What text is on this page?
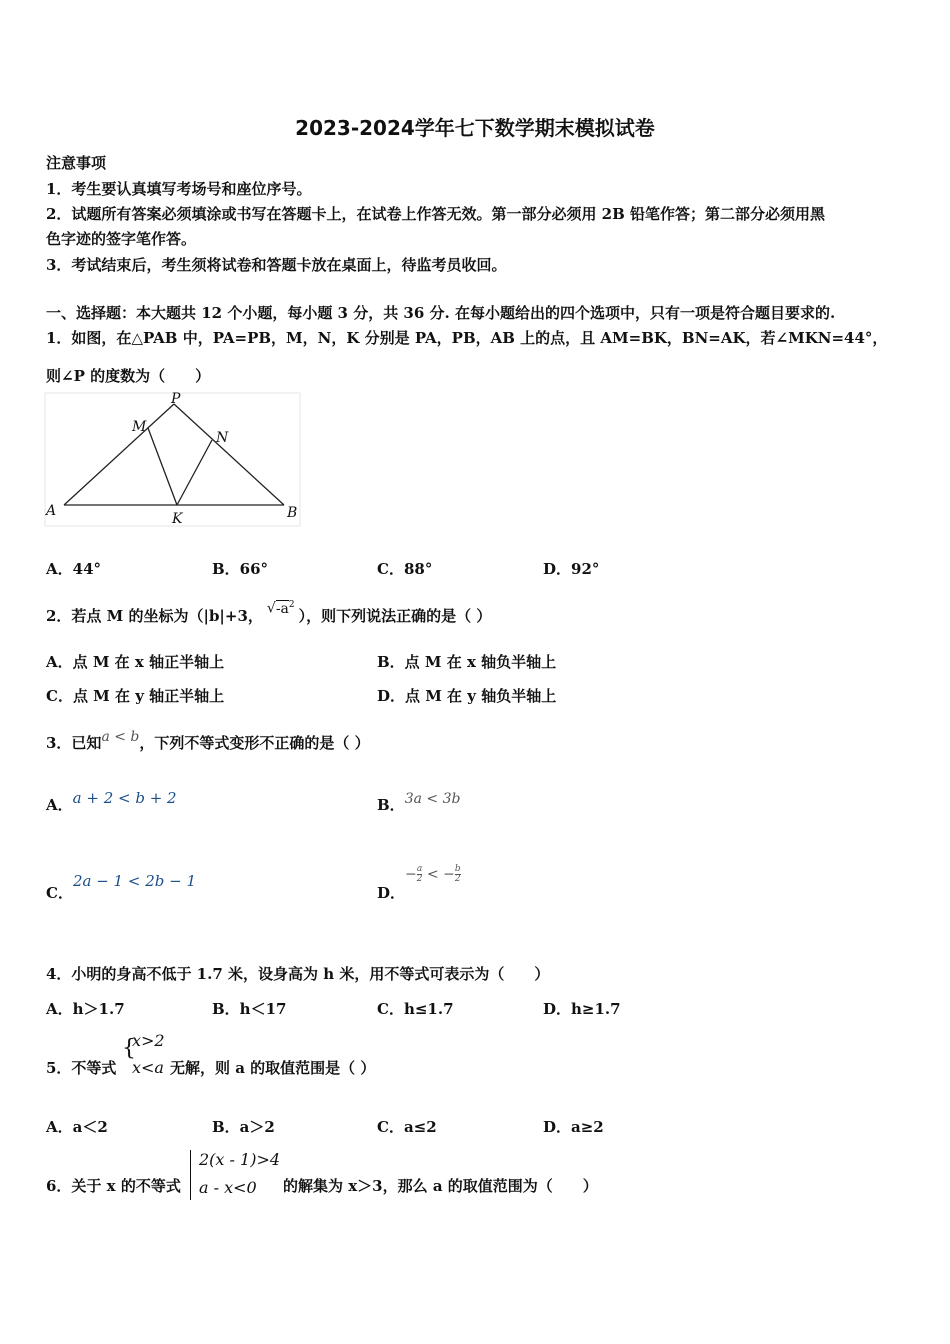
2023-2024学年七下数学期末模拟试卷
注意事项
1．考生要认真填写考场号和座位序号。
2．试题所有答案必须填涂或书写在答题卡上，在试卷上作答无效。第一部分必须用 2B 铅笔作答；第二部分必须用黑
色字迹的签字笔作答。
3．考试结束后，考生须将试卷和答题卡放在桌面上，待监考员收回。
一、选择题：本大题共 12 个小题，每小题 3 分，共 36 分. 在每小题给出的四个选项中，只有一项是符合题目要求的.
1．如图，在△PAB 中，PA=PB，M，N，K 分别是 PA，PB，AB 上的点，且 AM=BK，BN=AK，若∠MKN=44°，
则∠P 的度数为（　　）
P
M
N
A	K	B
A．44°	B．66°	C．88°	D．92°
2．若点 M 的坐标为（|b|+3， $√-a^2$），则下列说法正确的是（ ）
A．点 M 在 x 轴正半轴上	B．点 M 在 x 轴负半轴上
C．点 M 在 y 轴正半轴上	D．点 M 在 y 轴负半轴上
3．已知a < b，下列不等式变形不正确的是（ ）
A．a + 2 < b + 2	B．3a < 3b
C．2a − 1 < 2b − 1
D．− $\frac{a}{2}$ < − $\frac{b}{2}$
4．小明的身高不低于 1.7 米，设身高为 h 米，用不等式可表示为（　　）
A．h＞1.7	B．h＜17	C．h≤1.7	D．h≥1.7
5．不等式
{
x>2
x<a 无解，则 a 的取值范围是（ ）
A．a＜2	B．a＞2	C．a≤2	D．a≥2
6．关于 x 的不等式
2(x - 1)>4
a - x<0 的解集为 x＞3，那么 a 的取值范围为（　　）
